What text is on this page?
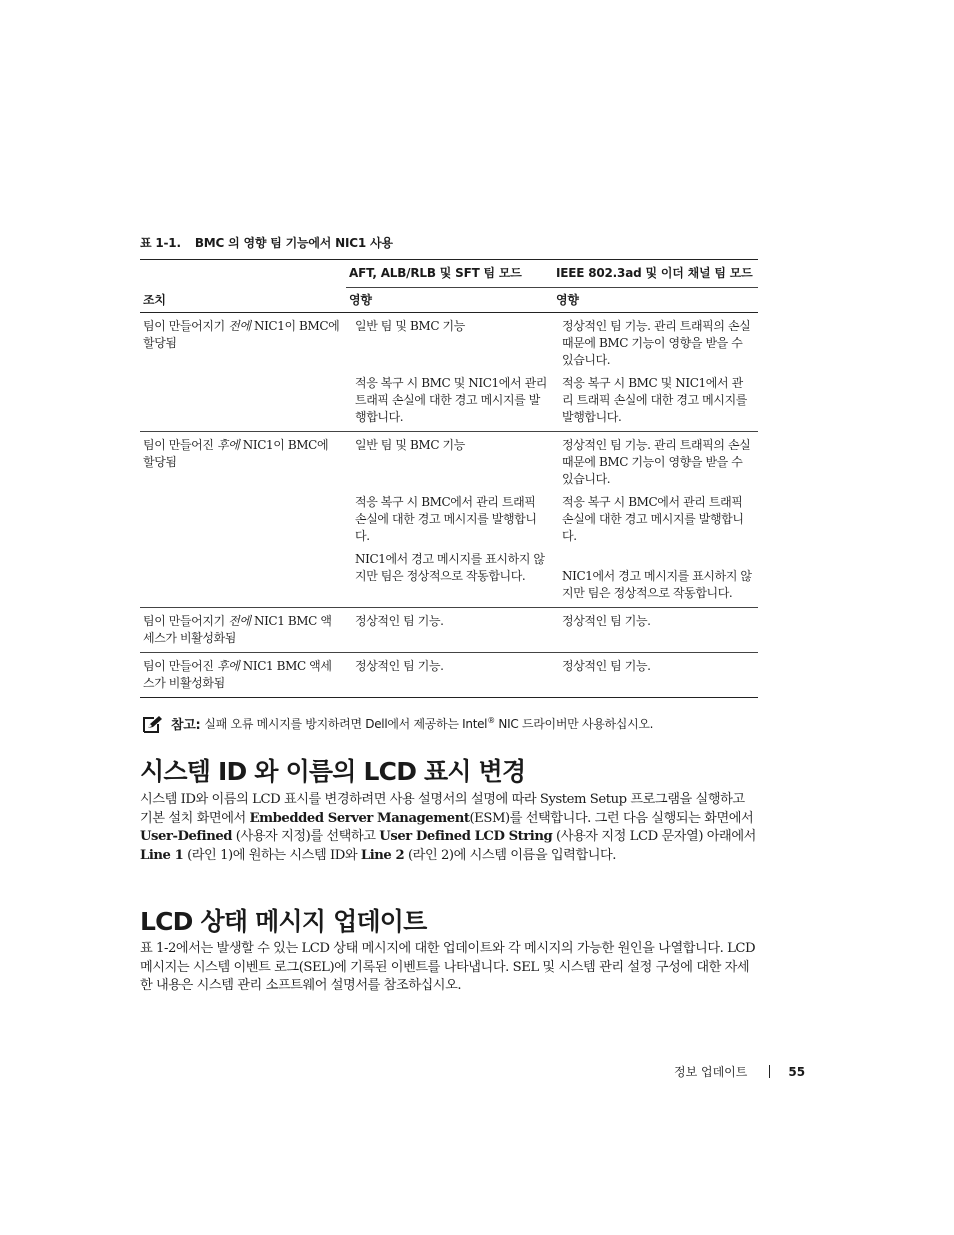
표 1-1. BMC 의 영향 팀 기능에서 NIC1 사용
	AFT, ALB/RLB 및 SFT 팀 모드	IEEE 802.3ad 및 이더 채널 팀 모드
조치	영향	영향
팀이 만들어지기 전에 NIC1이 BMC에 할당됨	일반 팀 및 BMC 기능	정상적인 팀 기능. 관리 트래픽의 손실 때문에 BMC 기능이 영향을 받을 수 있습니다.
	적응 복구 시 BMC 및 NIC1에서 관리 트래픽 손실에 대한 경고 메시지를 발행합니다.	적응 복구 시 BMC 및 NIC1에서 관리 트래픽 손실에 대한 경고 메시지를 발행합니다.
팀이 만들어진 후에 NIC1이 BMC에 할당됨	일반 팀 및 BMC 기능	정상적인 팀 기능. 관리 트래픽의 손실 때문에 BMC 기능이 영향을 받을 수 있습니다.
	적응 복구 시 BMC에서 관리 트래픽 손실에 대한 경고 메시지를 발행합니다.	적응 복구 시 BMC에서 관리 트래픽 손실에 대한 경고 메시지를 발행합니다.
	NIC1에서 경고 메시지를 표시하지 않지만 팀은 정상적으로 작동합니다.	NIC1에서 경고 메시지를 표시하지 않지만 팀은 정상적으로 작동합니다.
팀이 만들어지기 전에 NIC1 BMC 액세스가 비활성화됨	정상적인 팀 기능.	정상적인 팀 기능.
팀이 만들어진 후에 NIC1 BMC 액세스가 비활성화됨	정상적인 팀 기능.	정상적인 팀 기능.
참고: 실패 오류 메시지를 방지하려면 Dell에서 제공하는 Intel® NIC 드라이버만 사용하십시오.
시스템 ID 와 이름의 LCD 표시 변경

시스템 ID와 이름의 LCD 표시를 변경하려면 사용 설명서의 설명에 따라 System Setup 프로그램을 실행하고 기본 설치 화면에서 Embedded Server Management(ESM)를 선택합니다. 그런 다음 실행되는 화면에서 User-Defined (사용자 지정)를 선택하고 User Defined LCD String (사용자 지정 LCD 문자열) 아래에서 Line 1 (라인 1)에 원하는 시스템 ID와 Line 2 (라인 2)에 시스템 이름을 입력합니다.

LCD 상태 메시지 업데이트

표 1-2에서는 발생할 수 있는 LCD 상태 메시지에 대한 업데이트와 각 메시지의 가능한 원인을 나열합니다. LCD 메시지는 시스템 이벤트 로그(SEL)에 기록된 이벤트를 나타냅니다. SEL 및 시스템 관리 설정 구성에 대한 자세한 내용은 시스템 관리 소프트웨어 설명서를 참조하십시오.

정보 업데이트	55
